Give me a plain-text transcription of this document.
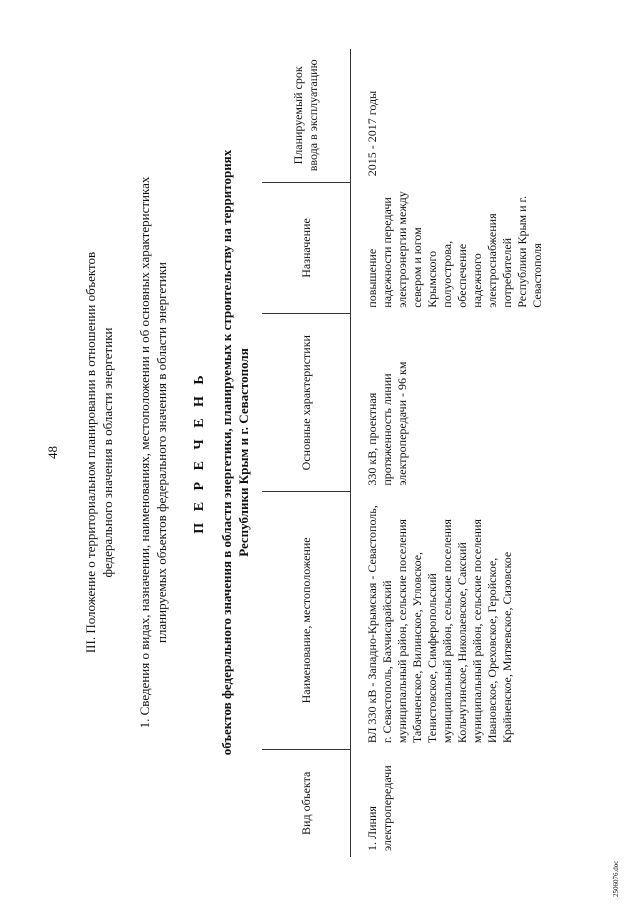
48 III. Положение о территориальном планировании в отношении объектов федерального значения в области энергетики 1. Сведения о видах, назначении, наименованиях, местоположении и об основных характеристиках планируемых объектов федерального значения в области энергетики П Е Р Е Ч Е Н Ь объектов федерального значения в области энергетики, планируемых к строительству на территориях Республики Крым и г. Севастополя
Вид объекта	Наименование, местоположение	Основные характеристики	Назначение	Планируемый срок ввода в эксплуатацию
1. Линия электропередачи	ВЛ 330 кВ - Западно-Крымская - Севастополь, г. Севастополь, Бахчисарайский муниципальный район, сельские поселения Табачненское, Вилинское, Угловское, Тенистовское, Симферопольский муниципальный район, сельские поселения Кольчугинское, Николаевское, Сакский муниципальный район, сельские поселения Ивановское, Ореховское, Геройское, Крайненское, Митяевское, Сизовское	330 кВ, проектная протяженность линии электропередачи - 96 км	повышение надежности передачи электроэнергии между севером и югом Крымского полуострова, обеспечение надежного электроснабжения потребителей Республики Крым и г. Севастополя	2015 - 2017 годы
2506076.doc
